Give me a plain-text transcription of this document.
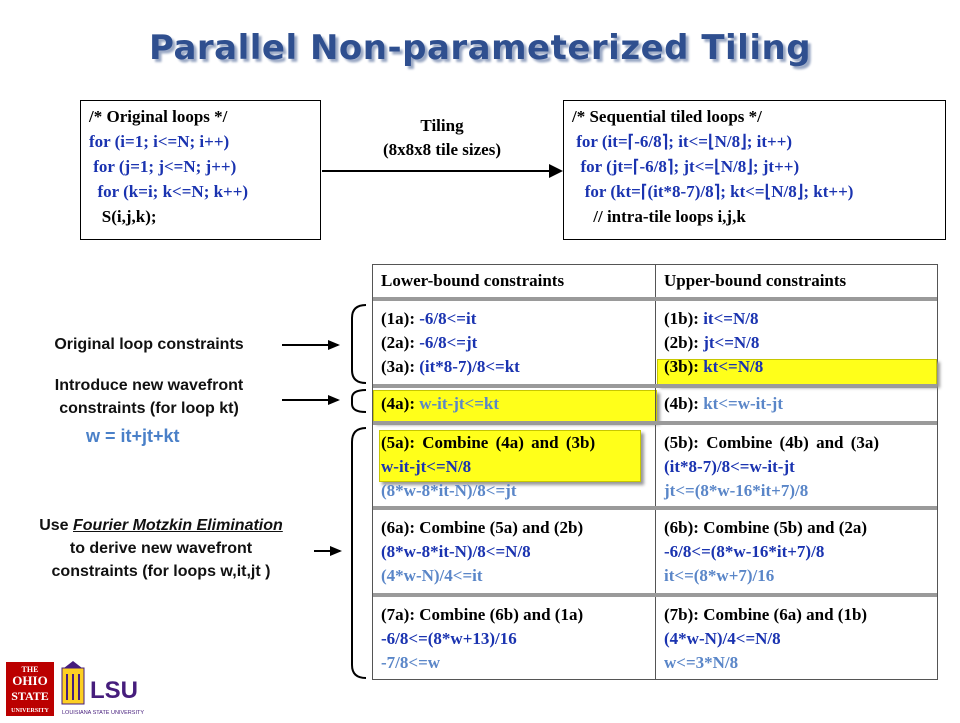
Parallel Non-parameterized Tiling
/* Original loops */
for (i=1; i<=N; i++)
for (j=1; j<=N; j++)
for (k=i; k<=N; k++)
S(i,j,k);
Tiling
(8x8x8 tile sizes)
/* Sequential tiled loops */
for (it=⌈-6/8⌉; it<=⌊N/8⌋; it++)
for (jt=⌈-6/8⌉; jt<=⌊N/8⌋; jt++)
for (kt=⌈(it*8-7)/8⌉; kt<=⌊N/8⌋; kt++)
// intra-tile loops i,j,k
Lower-bound constraints	Upper-bound constraints
(1a): -6/8<=it
(2a): -6/8<=jt
(3a): (it*8-7)/8<=kt
(1b): it<=N/8
(2b): jt<=N/8
(3b): kt<=N/8
(4a): w-it-jt<=kt	(4b): kt<=w-it-jt
(5a): Combine (4a) and (3b)
w-it-jt<=N/8
(8*w-8*it-N)/8<=jt
(5b): Combine (4b) and (3a)
(it*8-7)/8<=w-it-jt
jt<=(8*w-16*it+7)/8
(6a): Combine (5a) and (2b)
(8*w-8*it-N)/8<=N/8
(4*w-N)/4<=it
(6b): Combine (5b) and (2a)
-6/8<=(8*w-16*it+7)/8
it<=(8*w+7)/16
(7a): Combine (6b) and (1a)
-6/8<=(8*w+13)/16
-7/8<=w
(7b): Combine (6a) and (1b)
(4*w-N)/4<=N/8
w<=3*N/8
Original loop constraints
Introduce new wavefront
constraints (for loop kt)
w = it+jt+kt
Use Fourier Motzkin Elimination
to derive new wavefront
constraints (for loops w,it,jt )
THE
OHIO
STATE
UNIVERSITY
LSU
LOUISIANA STATE UNIVERSITY
